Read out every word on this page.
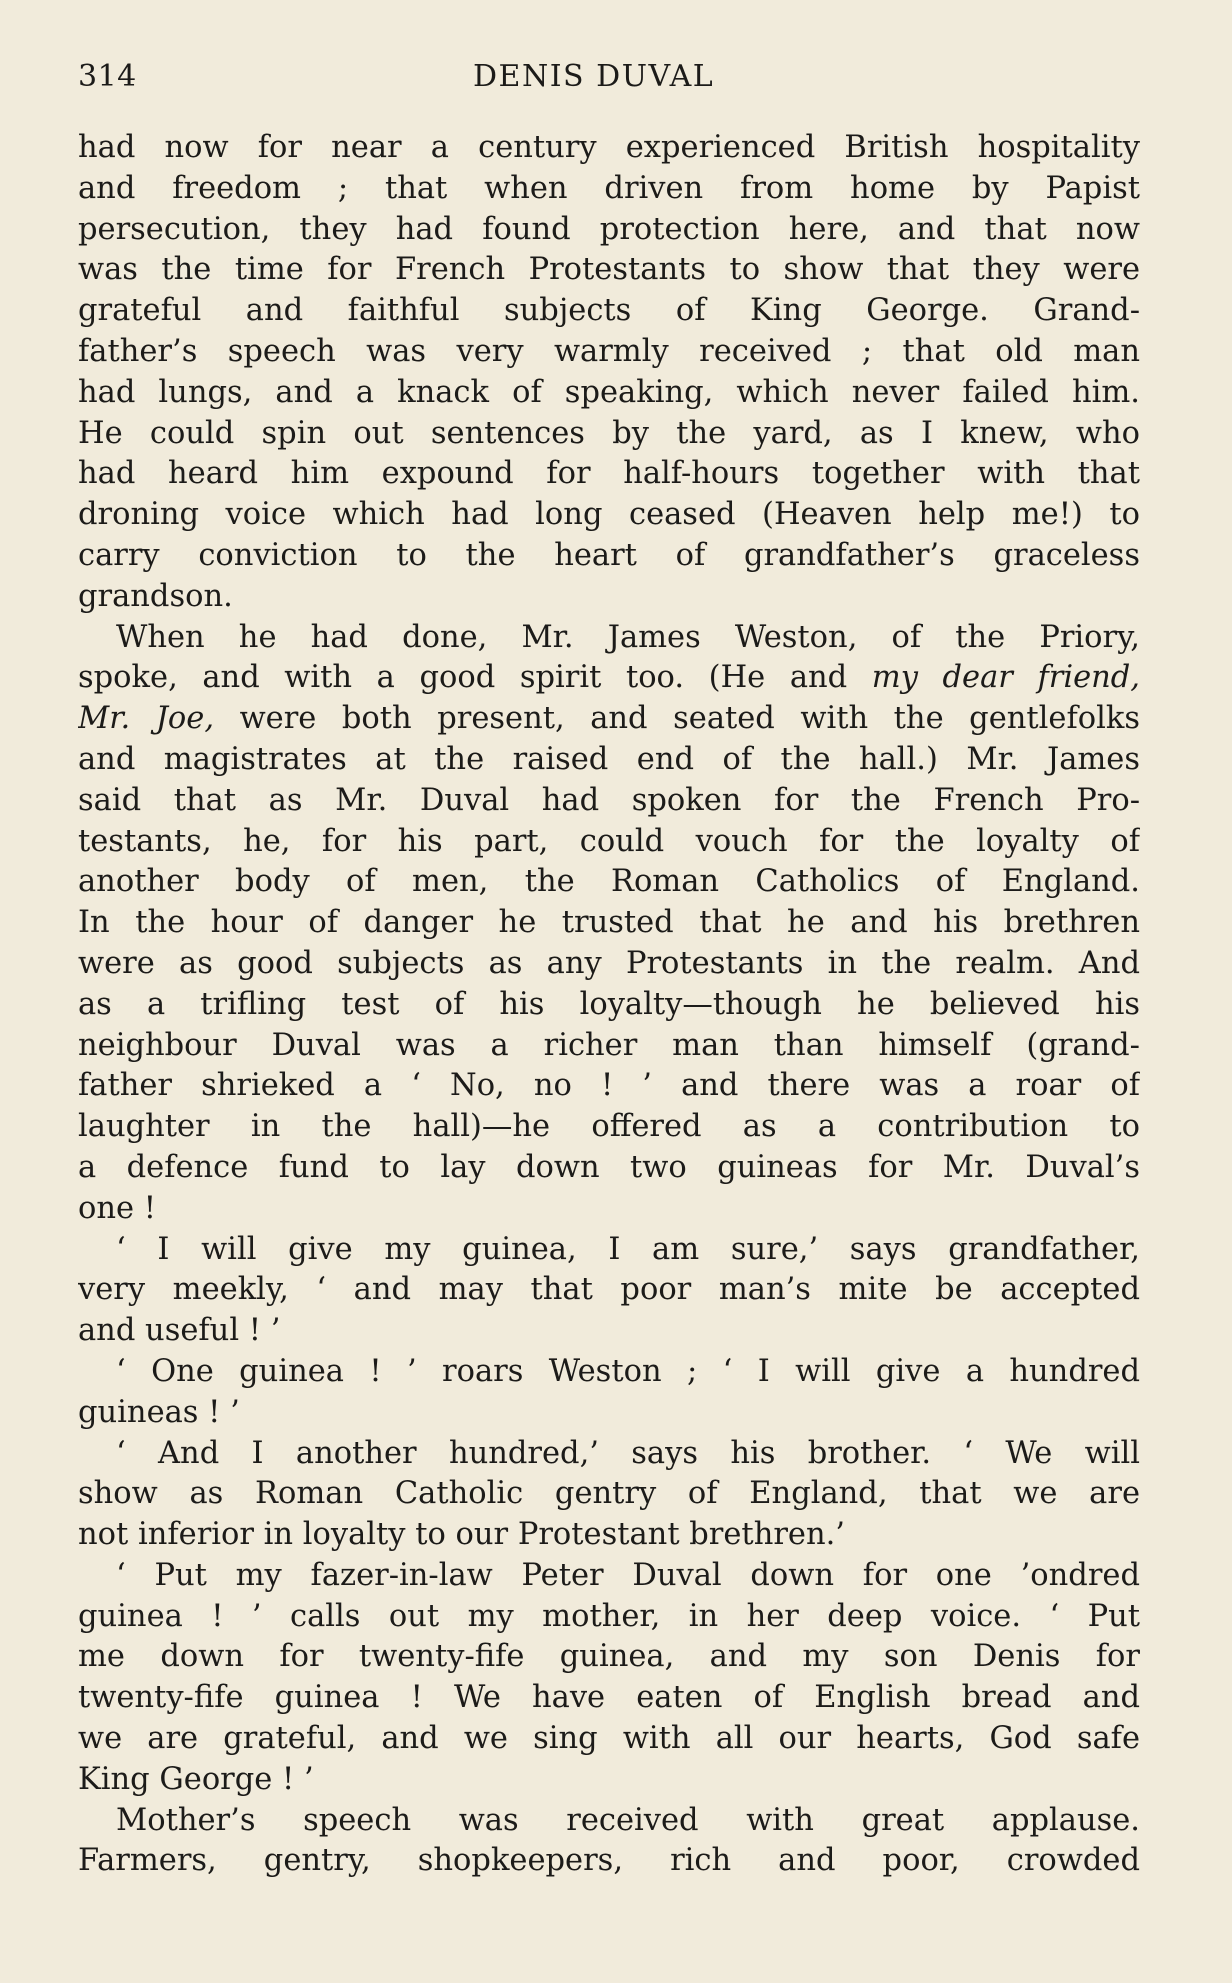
314	DENIS DUVAL
had now for near a century experienced British hospitality
and freedom ; that when driven from home by Papist
persecution, they had found protection here, and that now
was the time for French Protestants to show that they were
grateful and faithful subjects of King George. Grand-
father’s speech was very warmly received ; that old man
had lungs, and a knack of speaking, which never failed him.
He could spin out sentences by the yard, as I knew, who
had heard him expound for half-hours together with that
droning voice which had long ceased (Heaven help me!) to
carry conviction to the heart of grandfather’s graceless
grandson.
When he had done, Mr. James Weston, of the Priory,
spoke, and with a good spirit too. (He and my dear friend,
Mr. Joe, were both present, and seated with the gentlefolks
and magistrates at the raised end of the hall.) Mr. James
said that as Mr. Duval had spoken for the French Pro-
testants, he, for his part, could vouch for the loyalty of
another body of men, the Roman Catholics of England.
In the hour of danger he trusted that he and his brethren
were as good subjects as any Protestants in the realm. And
as a trifling test of his loyalty—though he believed his
neighbour Duval was a richer man than himself (grand-
father shrieked a ‘ No, no ! ’ and there was a roar of
laughter in the hall)—he offered as a contribution to
a defence fund to lay down two guineas for Mr. Duval’s
one !
‘ I will give my guinea, I am sure,’ says grandfather,
very meekly, ‘ and may that poor man’s mite be accepted
and useful ! ’
‘ One guinea ! ’ roars Weston ; ‘ I will give a hundred
guineas ! ’
‘ And I another hundred,’ says his brother. ‘ We will
show as Roman Catholic gentry of England, that we are
not inferior in loyalty to our Protestant brethren.’
‘ Put my fazer-in-law Peter Duval down for one ’ondred
guinea ! ’ calls out my mother, in her deep voice. ‘ Put
me down for twenty-fife guinea, and my son Denis for
twenty-fife guinea ! We have eaten of English bread and
we are grateful, and we sing with all our hearts, God safe
King George ! ’
Mother’s speech was received with great applause.
Farmers, gentry, shopkeepers, rich and poor, crowded
